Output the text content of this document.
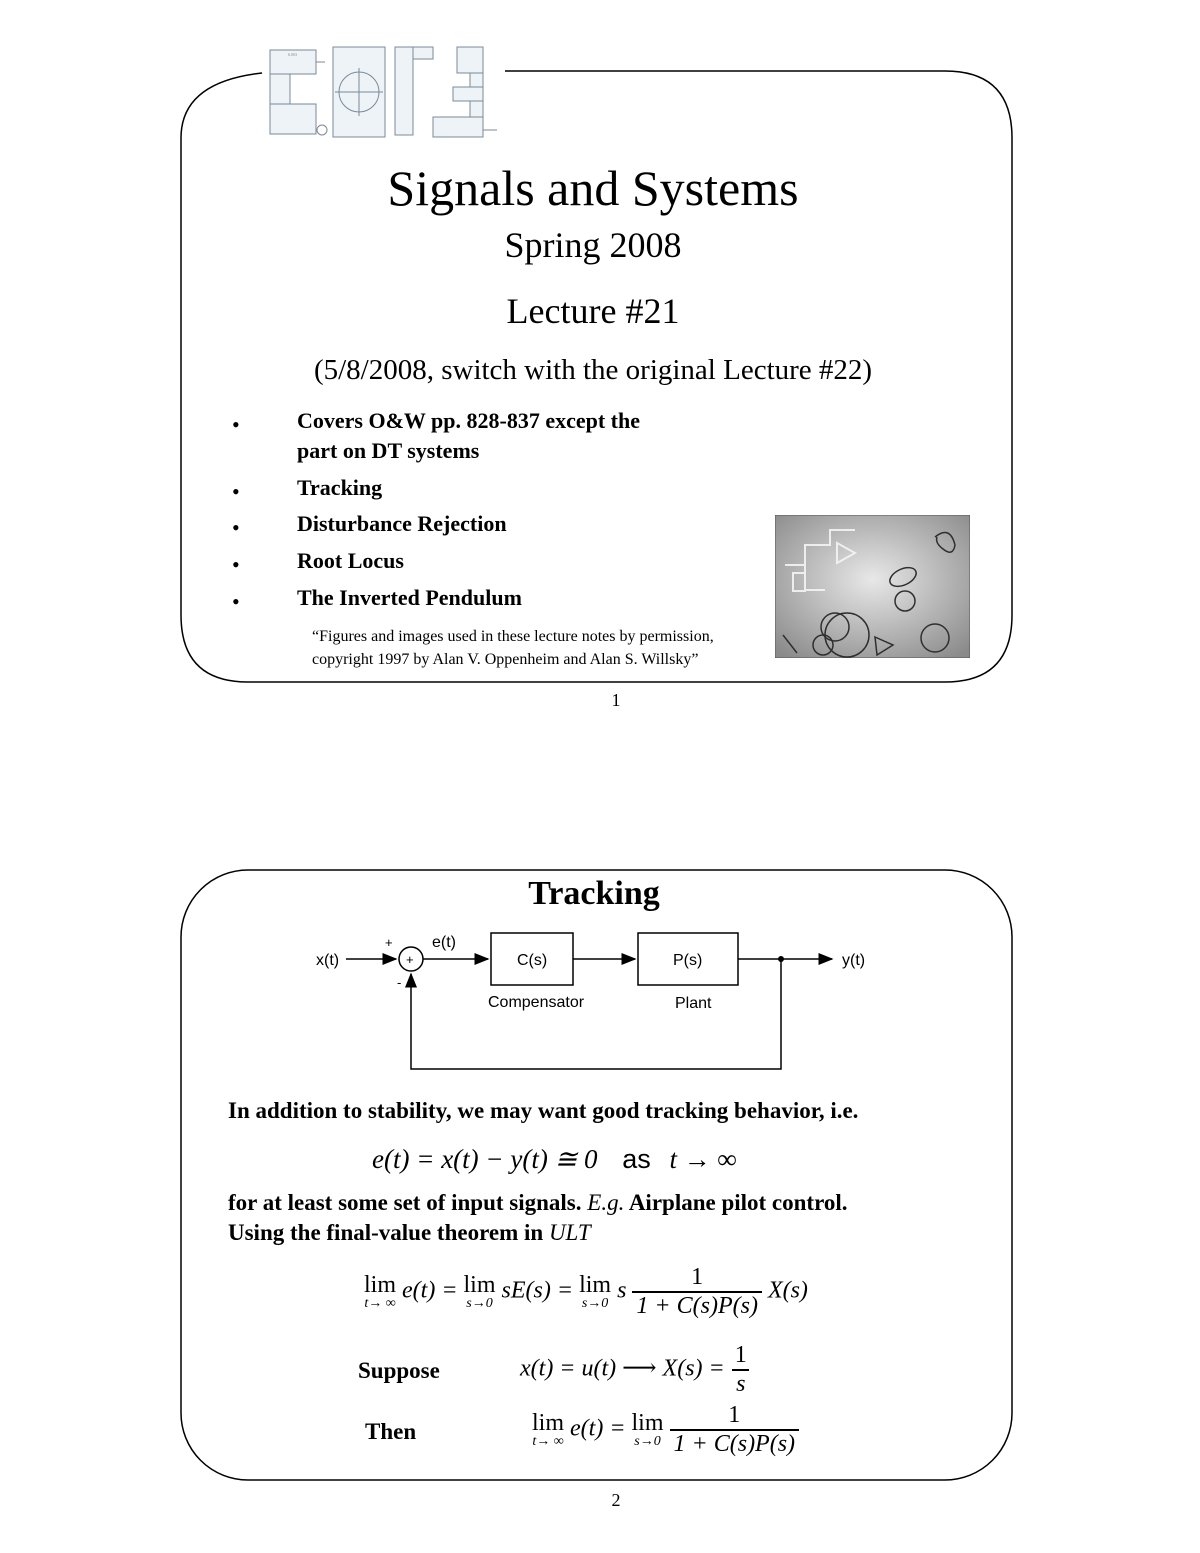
6.003
Signals and Systems
Spring 2008
Lecture #21
(5/8/2008, switch with the original Lecture #22)
•	Covers O&W pp. 828-837 except the
part on DT systems
•	Tracking
•	Disturbance Rejection
•	Root Locus
•	The Inverted Pendulum
“Figures and images used in these lecture notes by permission,
copyright 1997 by Alan V. Oppenheim and Alan S. Willsky”
1
Tracking
x(t)
+
-
+
e(t)
C(s)
Compensator
P(s)
Plant
y(t)
In addition to stability, we may want good tracking behavior, i.e.
e(t) = x(t) − y(t) ≅ 0 as t → ∞
for at least some set of input signals. E.g. Airplane pilot control.
Using the final-value theorem in ULT
lim
t→ ∞ e(t) = lim
s→0 sE(s) = lim
s→0 s $\frac{1}{1 + C(s)P(s)} X(s)$
Suppose	x(t) = u(t) ⟶ $X(s) = \frac{1}{s}$
Then	lim
t→ ∞ e(t) = lim
s→0
$\frac{1}{1 + C(s)P(s)}$
2
